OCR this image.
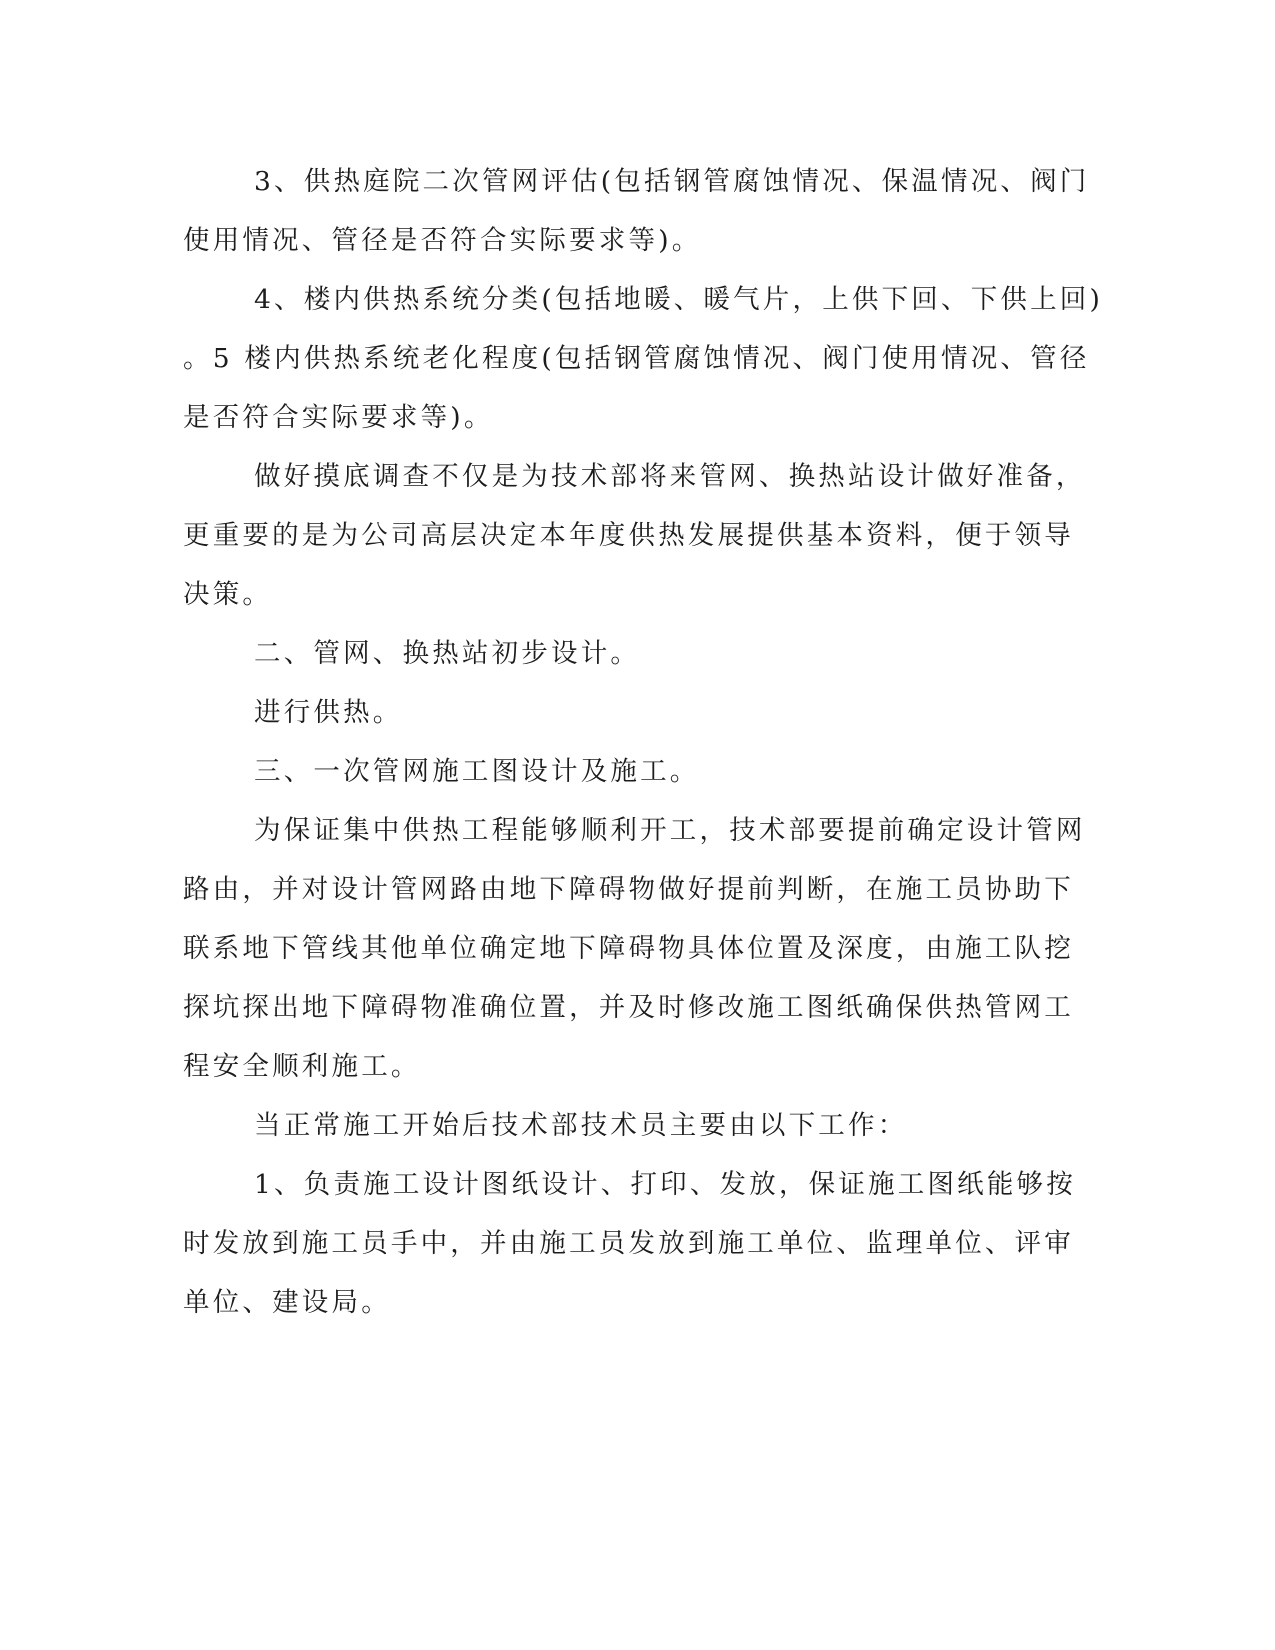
3、供热庭院二次管网评估(包括钢管腐蚀情况、保温情况、阀门

使用情况、管径是否符合实际要求等)。

4、楼内供热系统分类(包括地暖、暖气片，上供下回、下供上回)

。5 楼内供热系统老化程度(包括钢管腐蚀情况、阀门使用情况、管径

是否符合实际要求等)。

做好摸底调查不仅是为技术部将来管网、换热站设计做好准备，

更重要的是为公司高层决定本年度供热发展提供基本资料，便于领导

决策。

二、管网、换热站初步设计。

进行供热。

三、一次管网施工图设计及施工。

为保证集中供热工程能够顺利开工，技术部要提前确定设计管网

路由，并对设计管网路由地下障碍物做好提前判断，在施工员协助下

联系地下管线其他单位确定地下障碍物具体位置及深度，由施工队挖

探坑探出地下障碍物准确位置，并及时修改施工图纸确保供热管网工

程安全顺利施工。

当正常施工开始后技术部技术员主要由以下工作：

1、负责施工设计图纸设计、打印、发放，保证施工图纸能够按

时发放到施工员手中，并由施工员发放到施工单位、监理单位、评审

单位、建设局。
